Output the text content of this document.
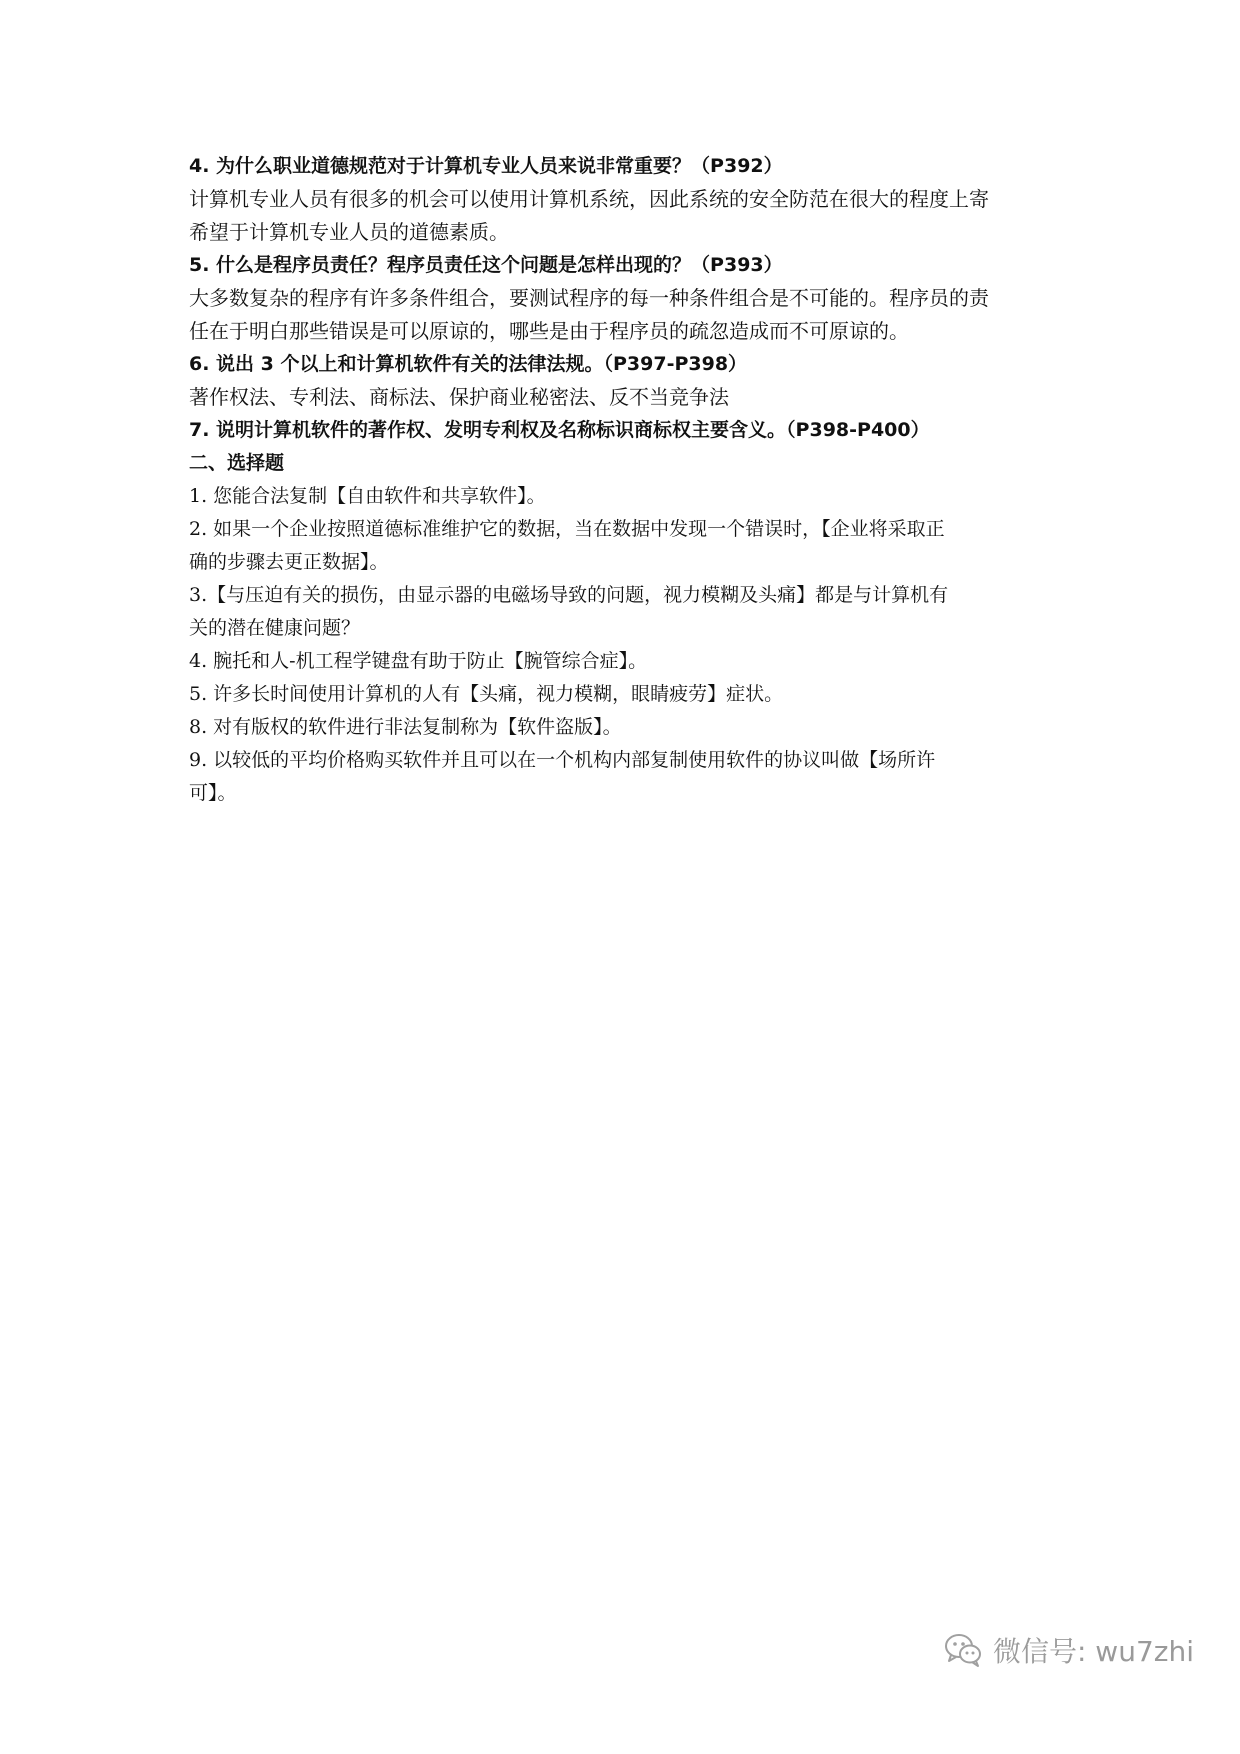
4. 为什么职业道德规范对于计算机专业人员来说非常重要？（P392）
计算机专业人员有很多的机会可以使用计算机系统，因此系统的安全防范在很大的程度上寄
希望于计算机专业人员的道德素质。
5. 什么是程序员责任？程序员责任这个问题是怎样出现的？（P393）
大多数复杂的程序有许多条件组合，要测试程序的每一种条件组合是不可能的。程序员的责
任在于明白那些错误是可以原谅的，哪些是由于程序员的疏忽造成而不可原谅的。
6. 说出 3 个以上和计算机软件有关的法律法规。（P397-P398）
著作权法、专利法、商标法、保护商业秘密法、反不当竞争法
7. 说明计算机软件的著作权、发明专利权及名称标识商标权主要含义。（P398-P400）
二、选择题
1. 您能合法复制【自由软件和共享软件】。
2. 如果一个企业按照道德标准维护它的数据，当在数据中发现一个错误时，【企业将采取正
确的步骤去更正数据】。
3.【与压迫有关的损伤，由显示器的电磁场导致的问题，视力模糊及头痛】都是与计算机有
关的潜在健康问题？
4. 腕托和人-机工程学键盘有助于防止【腕管综合症】。
5. 许多长时间使用计算机的人有【头痛，视力模糊，眼睛疲劳】症状。
8. 对有版权的软件进行非法复制称为【软件盗版】。
9. 以较低的平均价格购买软件并且可以在一个机构内部复制使用软件的协议叫做【场所许
可】。
微信号: wu7zhi
